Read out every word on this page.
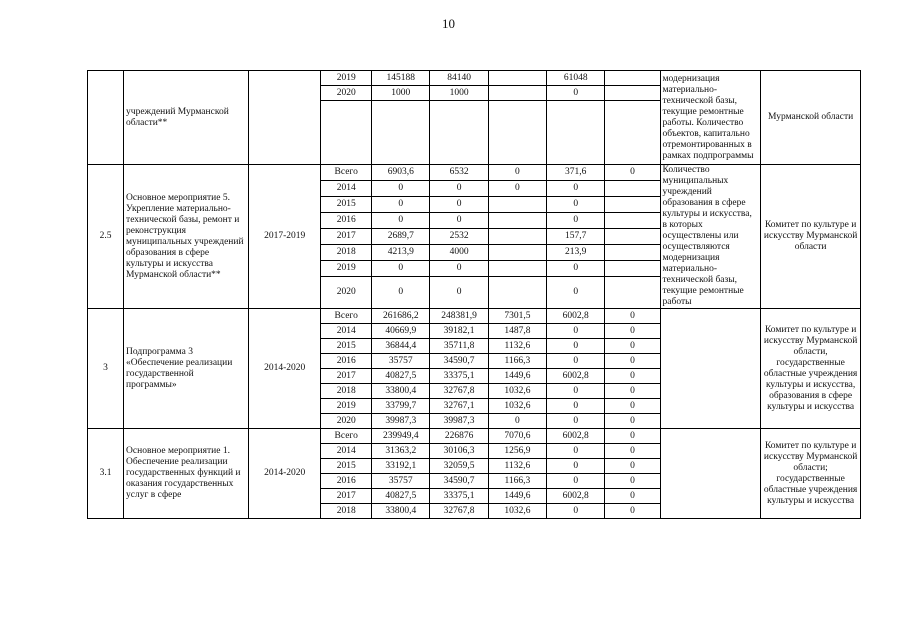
10
	учреждений Мурманской области**		2019	145188	84140		61048		модернизация материально-технической базы, текущие ремонтные работы. Количество объектов, капитально отремонтированных в рамках подпрограммы	Мурманской области
			2020	1000	1000		0			

2.5	Основное мероприятие 5. Укрепление материально-технической базы, ремонт и реконструкция муниципальных учреждений образования в сфере культуры и искусства Мурманской области**	2017-2019	Всего	6903,6	6532	0	371,6	0	Количество муниципальных учреждений образования в сфере культуры и искусства, в которых осуществлены или осуществляются модернизация материально-технической базы, текущие ремонтные работы	Комитет по культуре и искусству Мурманской области
			2014	0	0	0	0			
			2015	0	0		0			
			2016	0	0		0			
			2017	2689,7	2532		157,7			
			2018	4213,9	4000		213,9			
			2019	0	0		0			
			2020	0	0		0			
3	Подпрограмма 3 «Обеспечение реализации государственной программы»	2014-2020	Всего	261686,2	248381,9	7301,5	6002,8	0		Комитет по культуре и искусству Мурманской области, государственные областные учреждения культуры и искусства, образования в сфере культуры и искусства
			2014	40669,9	39182,1	1487,8	0	0		
			2015	36844,4	35711,8	1132,6	0	0		
			2016	35757	34590,7	1166,3	0	0		
			2017	40827,5	33375,1	1449,6	6002,8	0		
			2018	33800,4	32767,8	1032,6	0	0		
			2019	33799,7	32767,1	1032,6	0	0		
			2020	39987,3	39987,3	0	0	0		
3.1	Основное мероприятие 1. Обеспечение реализации государственных функций и оказания государственных услуг в сфере	2014-2020	Всего	239949,4	226876	7070,6	6002,8	0		Комитет по культуре и искусству Мурманской области; государственные областные учреждения культуры и искусства
			2014	31363,2	30106,3	1256,9	0	0		
			2015	33192,1	32059,5	1132,6	0	0		
			2016	35757	34590,7	1166,3	0	0		
			2017	40827,5	33375,1	1449,6	6002,8	0		
			2018	33800,4	32767,8	1032,6	0	0		
